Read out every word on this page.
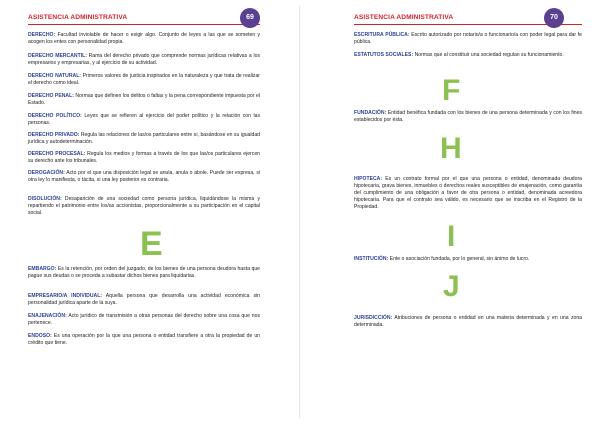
ASISTENCIA ADMINISTRATIVA	69
DERECHO: Facultad inviolable de hacer o exigir algo. Conjunto de leyes a las que se someten y acogen los entes con personalidad propia.
DERECHO MERCANTIL: Rama del derecho privado que comprende normas jurídicas relativas a los empresarios y empresarias, y al ejercicio de su actividad.
DERECHO NATURAL: Primeros valores de justicia inspirados en la naturaleza y que trata de realizar el derecho como ideal.
DERECHO PENAL: Normas que definen los delitos o faltas y la pena correspondiente impuesta por el Estado.
DERECHO POLÍTICO: Leyes que se refieren al ejercicio del poder político y la relación con las personas.
DERECHO PRIVADO: Regula las relaciones de las/os particulares entre sí, basándose en su igualdad jurídica y autodeterminación.
DERECHO PROCESAL: Regula los medios y formas a través de los que las/os particulares ejercen su derecho ante los tribunales.
DEROGACIÓN: Acto por el que una disposición legal se anula, anula o abole. Puede ser expresa, si otra ley lo manifiesta, o tácita, si una ley posterior es contraria.
DISOLUCIÓN: Desaparición de una sociedad como persona jurídica, liquidándose la misma y repartiendo el patrimonio entre los/as accionistas, proporcionalmente a su participación en el capital social.
E
EMBARGO: Es la retención, por orden del juzgado, de los bienes de una persona deudora hasta que pague sus deudas o se proceda a subastar dichos bienes para liquidarlas.
EMPRESARIO/A INDIVIDUAL: Aquella persona que desarrolla una actividad económica sin personalidad jurídica aparte de la suya.
ENAJENACIÓN: Acto jurídico de transmisión a otras personas del derecho sobre una cosa que nos pertenece.
ENDOSO: Es una operación por la que una persona o entidad transfiere a otra la propiedad de un crédito que tiene.
ASISTENCIA ADMINISTRATIVA	70
ESCRITURA PÚBLICA: Escrito autorizado por notario/a o funcionario/a con poder legal para dar fe pública.
ESTATUTOS SOCIALES: Normas que al constituir una sociedad regulan su funcionamiento.
F
FUNDACIÓN: Entidad benéfica fundada con los bienes de una persona determinada y con los fines establecidos por ésta.
H
HIPOTECA: Es un contrato formal por el que una persona o entidad, denominada deudora hipotecaria, grava bienes, inmuebles o derechos reales susceptibles de enajenación, como garantía del cumplimiento de una obligación a favor de otra persona o entidad, denominada acreedora hipotecaria. Para que el contrato sea válido, es necesario que se inscriba en el Registro de la Propiedad.
I
INSTITUCIÓN: Ente o asociación fundada, por lo general, sin ánimo de lucro.
J
JURISDICCIÓN: Atribuciones de persona o entidad en una materia determinada y en una zona determinada.
